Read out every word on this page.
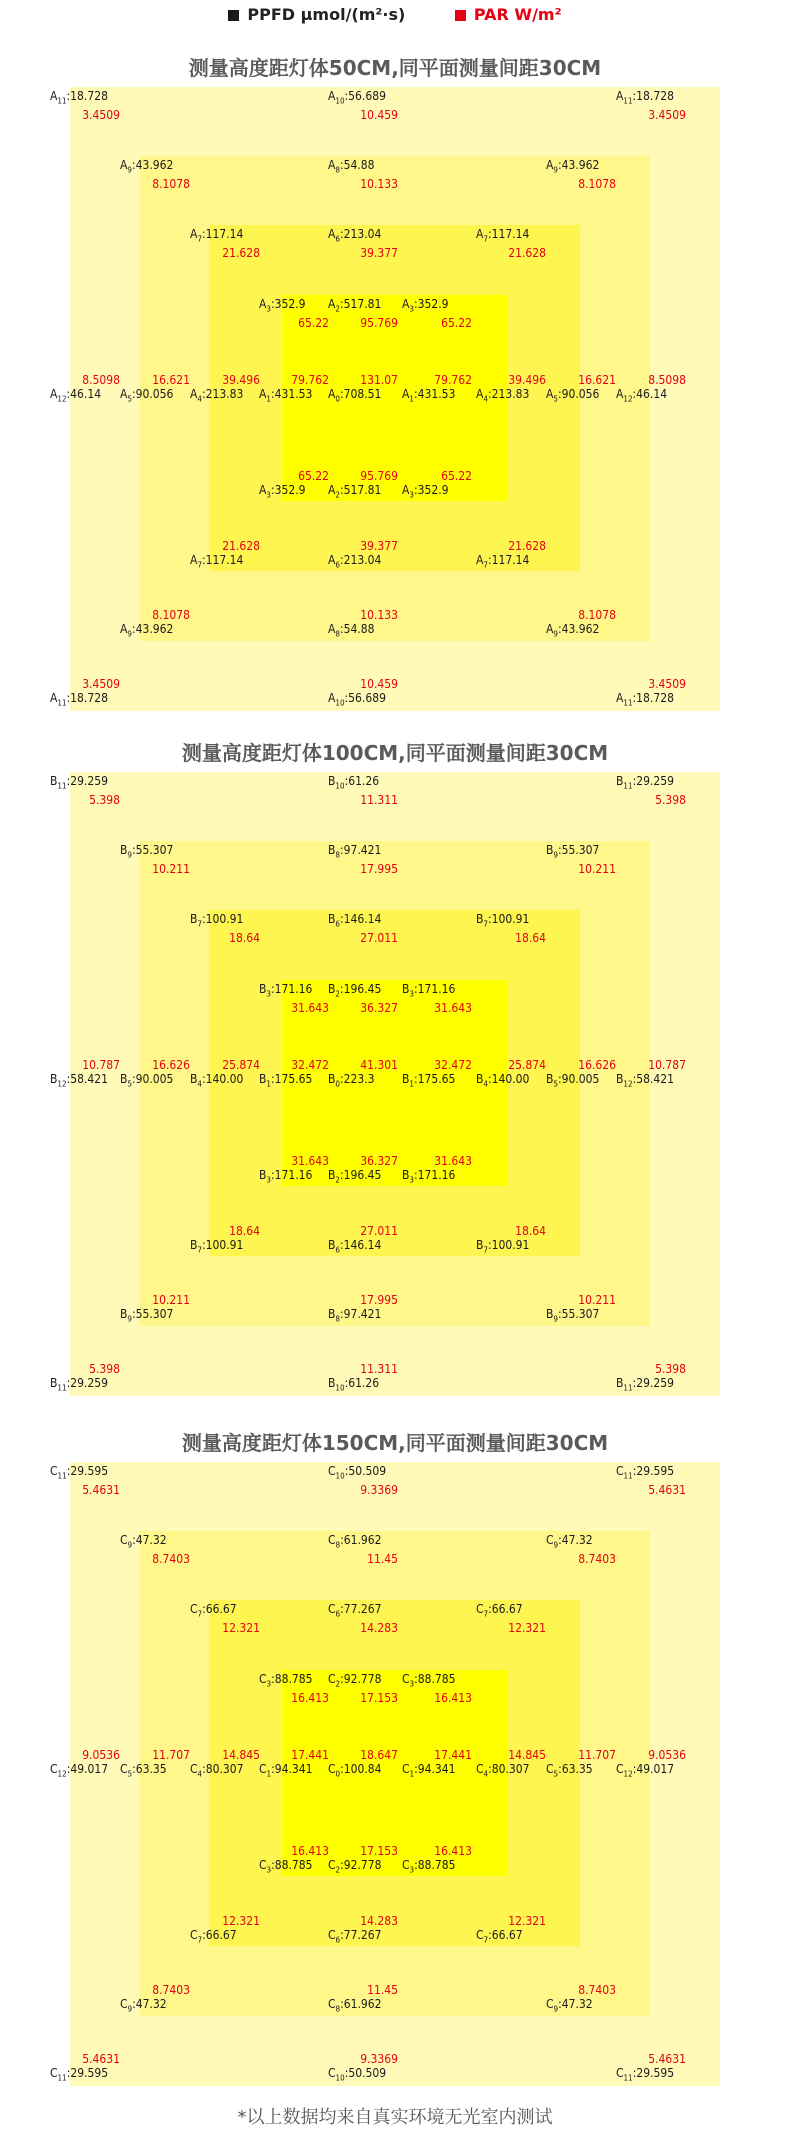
PPFD μmol/(m²·s)	PAR W/m²
测量高度距灯体50CM,同平面测量间距30CM
$A_{11}:18.728$
3.4509
$A_{10}:56.689$
10.459
$A_{11}:18.728$
3.4509
$A_9:43.962$
8.1078
$A_8:54.88$
10.133
$A_9:43.962$
8.1078
$A_7:117.14$
21.628
$A_6:213.04$
39.377
$A_7:117.14$
21.628
$A_3:352.9$
65.22
$A_2:517.81$
95.769
$A_3:352.9$
65.22
8.5098
$A_{12}:46.14$
16.621
$A_5:90.056$
39.496
$A_4:213.83$
79.762
$A_1:431.53$
131.07
$A_0:708.51$
79.762
$A_1:431.53$
39.496
$A_4:213.83$
16.621
$A_5:90.056$
8.5098
$A_{12}:46.14$
65.22
$A_3:352.9$
95.769
$A_2:517.81$
65.22
$A_3:352.9$
21.628
$A_7:117.14$
39.377
$A_6:213.04$
21.628
$A_7:117.14$
8.1078
$A_9:43.962$
10.133
$A_8:54.88$
8.1078
$A_9:43.962$
3.4509
$A_{11}:18.728$
10.459
$A_{10}:56.689$
3.4509
$A_{11}:18.728$
测量高度距灯体100CM,同平面测量间距30CM
$B_{11}:29.259$
5.398
$B_{10}:61.26$
11.311
$B_{11}:29.259$
5.398
$B_9:55.307$
10.211
$B_8:97.421$
17.995
$B_9:55.307$
10.211
$B_7:100.91$
18.64
$B_6:146.14$
27.011
$B_7:100.91$
18.64
$B_3:171.16$
31.643
$B_2:196.45$
36.327
$B_3:171.16$
31.643
10.787
$B_{12}:58.421$
16.626
$B_5:90.005$
25.874
$B_4:140.00$
32.472
$B_1:175.65$
41.301
$B_0:223.3$
32.472
$B_1:175.65$
25.874
$B_4:140.00$
16.626
$B_5:90.005$
10.787
$B_{12}:58.421$
31.643
$B_3:171.16$
36.327
$B_2:196.45$
31.643
$B_3:171.16$
18.64
$B_7:100.91$
27.011
$B_6:146.14$
18.64
$B_7:100.91$
10.211
$B_9:55.307$
17.995
$B_8:97.421$
10.211
$B_9:55.307$
5.398
$B_{11}:29.259$
11.311
$B_{10}:61.26$
5.398
$B_{11}:29.259$
测量高度距灯体150CM,同平面测量间距30CM
$C_{11}:29.595$
5.4631
$C_{10}:50.509$
9.3369
$C_{11}:29.595$
5.4631
$C_9:47.32$
8.7403
$C_8:61.962$
11.45
$C_9:47.32$
8.7403
$C_7:66.67$
12.321
$C_6:77.267$
14.283
$C_7:66.67$
12.321
$C_3:88.785$
16.413
$C_2:92.778$
17.153
$C_3:88.785$
16.413
9.0536
$C_{12}:49.017$
11.707
$C_5:63.35$
14.845
$C_4:80.307$
17.441
$C_1:94.341$
18.647
$C_0:100.84$
17.441
$C_1:94.341$
14.845
$C_4:80.307$
11.707
$C_5:63.35$
9.0536
$C_{12}:49.017$
16.413
$C_3:88.785$
17.153
$C_2:92.778$
16.413
$C_3:88.785$
12.321
$C_7:66.67$
14.283
$C_6:77.267$
12.321
$C_7:66.67$
8.7403
$C_9:47.32$
11.45
$C_8:61.962$
8.7403
$C_9:47.32$
5.4631
$C_{11}:29.595$
9.3369
$C_{10}:50.509$
5.4631
$C_{11}:29.595$
*以上数据均来自真实环境无光室内测试
